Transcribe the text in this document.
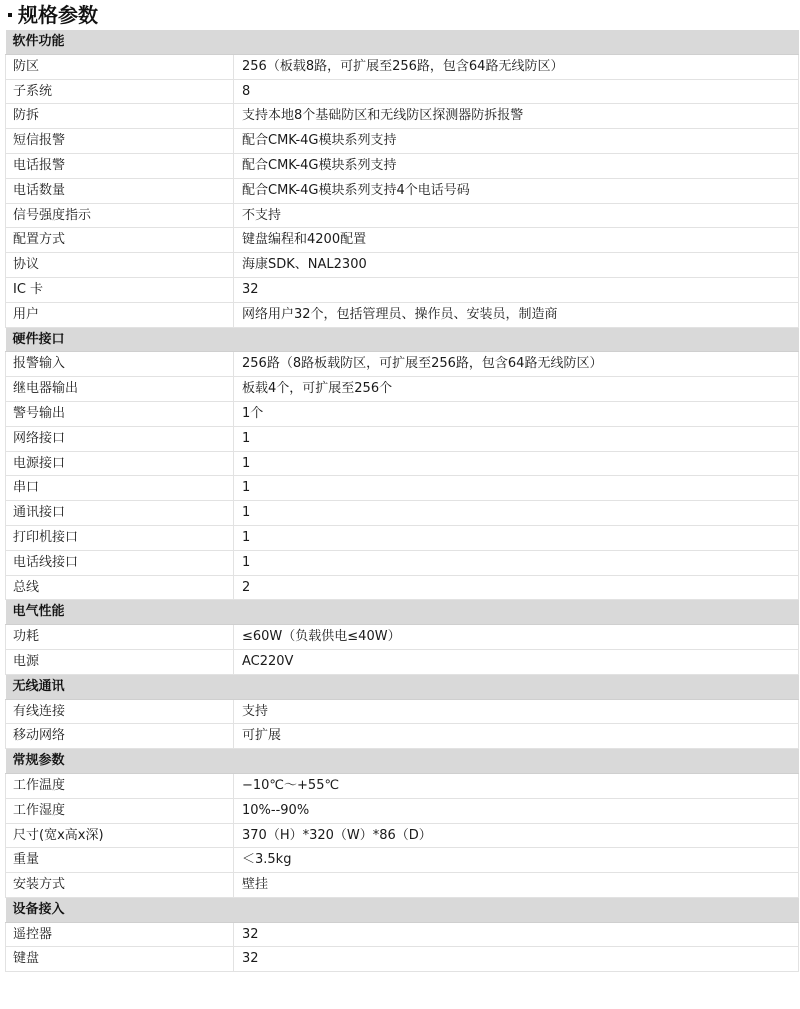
规格参数
软件功能	
防区	256（板载8路，可扩展至256路，包含64路无线防区）
子系统	8
防拆	支持本地8个基础防区和无线防区探测器防拆报警
短信报警	配合CMK-4G模块系列支持
电话报警	配合CMK-4G模块系列支持
电话数量	配合CMK-4G模块系列支持4个电话号码
信号强度指示	不支持
配置方式	键盘编程和4200配置
协议	海康SDK、NAL2300
IC 卡	32
用户	网络用户32个，包括管理员、操作员、安装员，制造商
硬件接口	
报警输入	256路（8路板载防区，可扩展至256路，包含64路无线防区）
继电器输出	板载4个，可扩展至256个
警号输出	1个
网络接口	1
电源接口	1
串口	1
通讯接口	1
打印机接口	1
电话线接口	1
总线	2
电气性能	
功耗	≤60W（负载供电≤40W）
电源	AC220V
无线通讯	
有线连接	支持
移动网络	可扩展
常规参数	
工作温度	−10℃～+55℃
工作湿度	10%--90%
尺寸(宽x高x深)	370（H）*320（W）*86（D）
重量	＜3.5kg
安装方式	壁挂
设备接入	
遥控器	32
键盘	32
